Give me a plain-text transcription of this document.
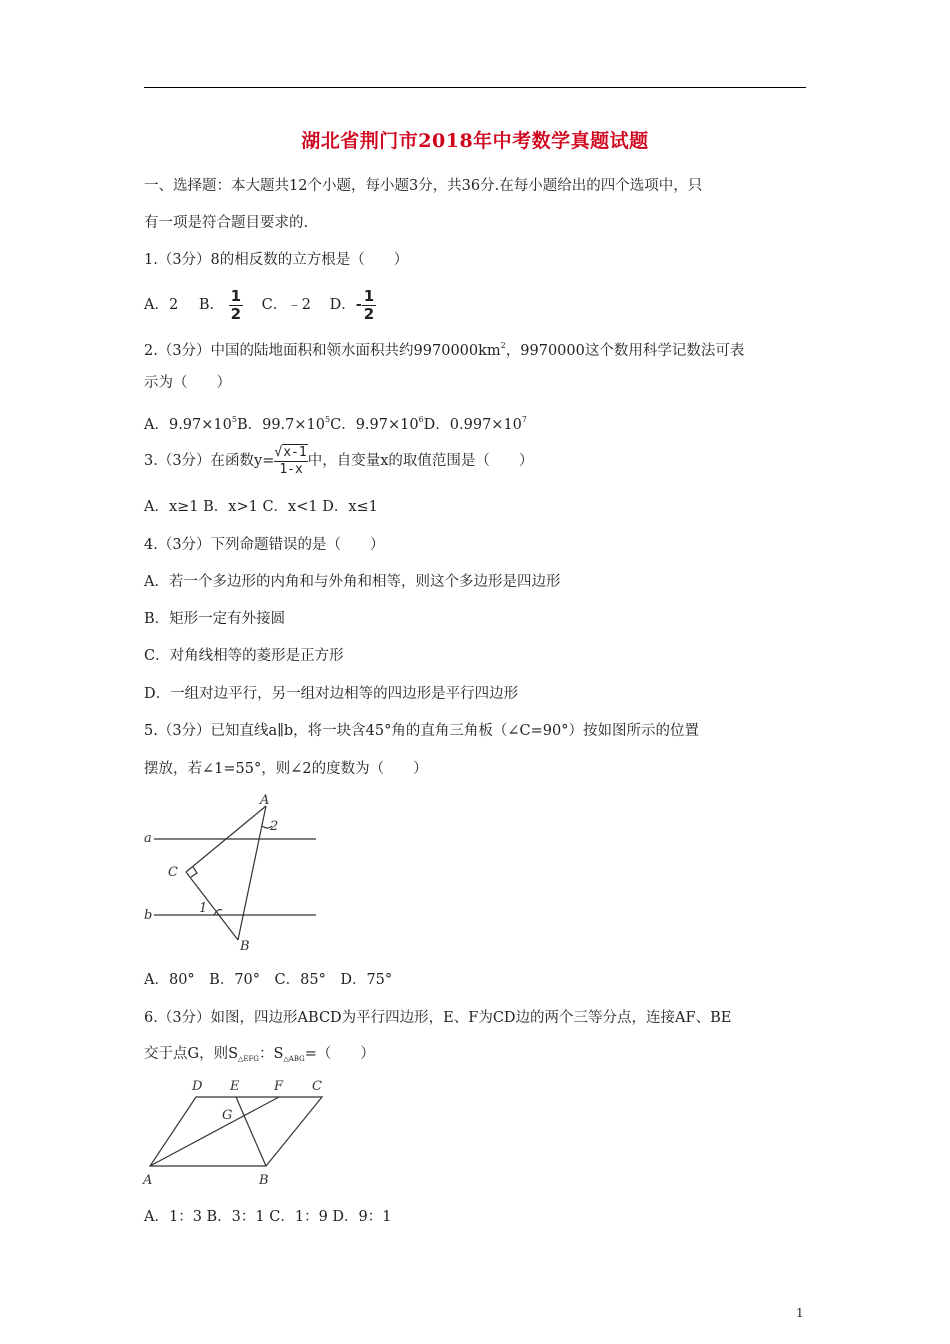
湖北省荆门市2018年中考数学真题试题
一、选择题：本大题共12个小题，每小题3分，共36分.在每小题给出的四个选项中，只
有一项是符合题目要求的.
1.（3分）8的相反数的立方根是（　　）
A．2 B． $\frac{1}{2}$ C．﹣2 D．- $\frac{1}{2}$
2.（3分）中国的陆地面积和领水面积共约$9970000km^2$，9970000这个数用科学记数法可表
示为（　　）
A．$9.97\times 10^5B$．$99.7\times 10^5C$．$9.97\times 10^6D$．$0.997\times 10^7$
3.（3分）在函数$y= \frac{√x-1}{1-x}$中，自变量x的取值范围是（　　）
A．x≥1 B．x>1 C．x<1 D．x≤1
4.（3分）下列命题错误的是（　　）
A．若一个多边形的内角和与外角和相等，则这个多边形是四边形
B．矩形一定有外接圆
C．对角线相等的菱形是正方形
D．一组对边平行，另一组对边相等的四边形是平行四边形
5.（3分）已知直线a∥b，将一块含45°角的直角三角板（∠C=90°）按如图所示的位置
摆放，若∠1=55°，则∠2的度数为（　　）
A
B
C
a
b	1
2
A．80°　B．70°　C．85°　D．75°
6.（3分）如图，四边形ABCD为平行四边形，E、F为CD边的两个三等分点，连接AF、BE
交于点G，则$S_{\triangle EFG}$：$S_{\triangle ABG}=$（　　）
D E	F C
G
A	B
A．1：3 B．3：1 C．1：9 D．9：1
1
